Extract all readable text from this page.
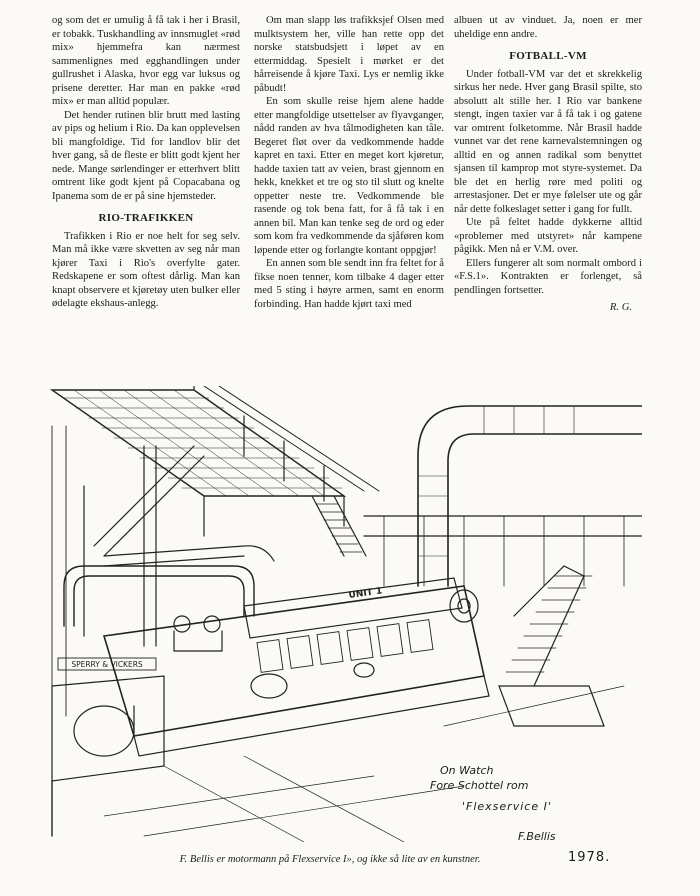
og som det er umulig å få tak i her i Brasil, er tobakk. Tuskhandling av innsmuglet «rød mix» hjemmefra kan nærmest sammenlignes med egghandlingen under gullrushet i Alaska, hvor egg var luksus og prisene deretter. Har man en pakke «rød mix» er man alltid populær.

Det hender rutinen blir brutt med lasting av pips og helium i Rio. Da kan opplevelsen bli mangfoldige. Tid for landlov blir det hver gang, så de fleste er blitt godt kjent her nede. Mange sørlendinger er etterhvert blitt omtrent like godt kjent på Copacabana og Ipanema som de er på sine hjemsteder.

RIO-TRAFIKKEN

Trafikken i Rio er noe helt for seg selv. Man må ikke være skvetten av seg når man kjører Taxi i Rio's overfylte gater. Redskapene er som oftest dårlig. Man kan knapt observere et kjøretøy uten bulker eller ødelagte ekshaus-anlegg.

Om man slapp løs trafikksjef Olsen med mulktsystem her, ville han rette opp det norske statsbudsjett i løpet av en ettermiddag. Spesielt i mørket er det hårreisende å kjøre Taxi. Lys er nemlig ikke påbudt!

En som skulle reise hjem alene hadde etter mangfoldige utsettelser av flyavganger, nådd randen av hva tålmodigheten kan tåle. Begeret fløt over da vedkommende hadde kapret en taxi. Etter en meget kort kjøretur, hadde taxien tatt av veien, brast gjennom en hekk, knekket et tre og sto til slutt og knelte oppetter neste tre. Vedkommende ble rasende og tok bena fatt, for å få tak i en annen bil. Man kan tenke seg de ord og eder som kom fra vedkommende da sjåføren kom løpende etter og forlangte kontant oppgjør!

En annen som ble sendt inn fra feltet for å fikse noen tenner, kom tilbake 4 dager etter med 5 sting i høyre armen, samt en enorm forbinding. Han hadde kjørt taxi med

albuen ut av vinduet. Ja, noen er mer uheldige enn andre.

FOTBALL-VM

Under fotball-VM var det et skrekkelig sirkus her nede. Hver gang Brasil spilte, sto absolutt alt stille her. I Rio var bankene stengt, ingen taxier var å få tak i og gatene var omtrent folketomme. Når Brasil hadde vunnet var det rene karnevalstemningen og alltid en og annen radikal som benyttet sjansen til kamprop mot styre-systemet. Da ble det en herlig røre med politi og arrestasjoner. Det er mye følelser ute og går når dette folkeslaget setter i gang for fullt.

Ute på feltet hadde dykkerne alltid «problemer med utstyret» når kampene pågikk. Men nå er V.M. over.

Ellers fungerer alt som normalt ombord i «F.S.1». Kontrakten er forlenget, så pendlingen fortsetter.

R. G.
SPERRY & VICKERS
UNIT 1
On Watch
Fore Schottel rom
'Flexservice I'
F.Bellis
F. Bellis er motormann på Flexservice I», og ikke så lite av en kunstner.	1978.
